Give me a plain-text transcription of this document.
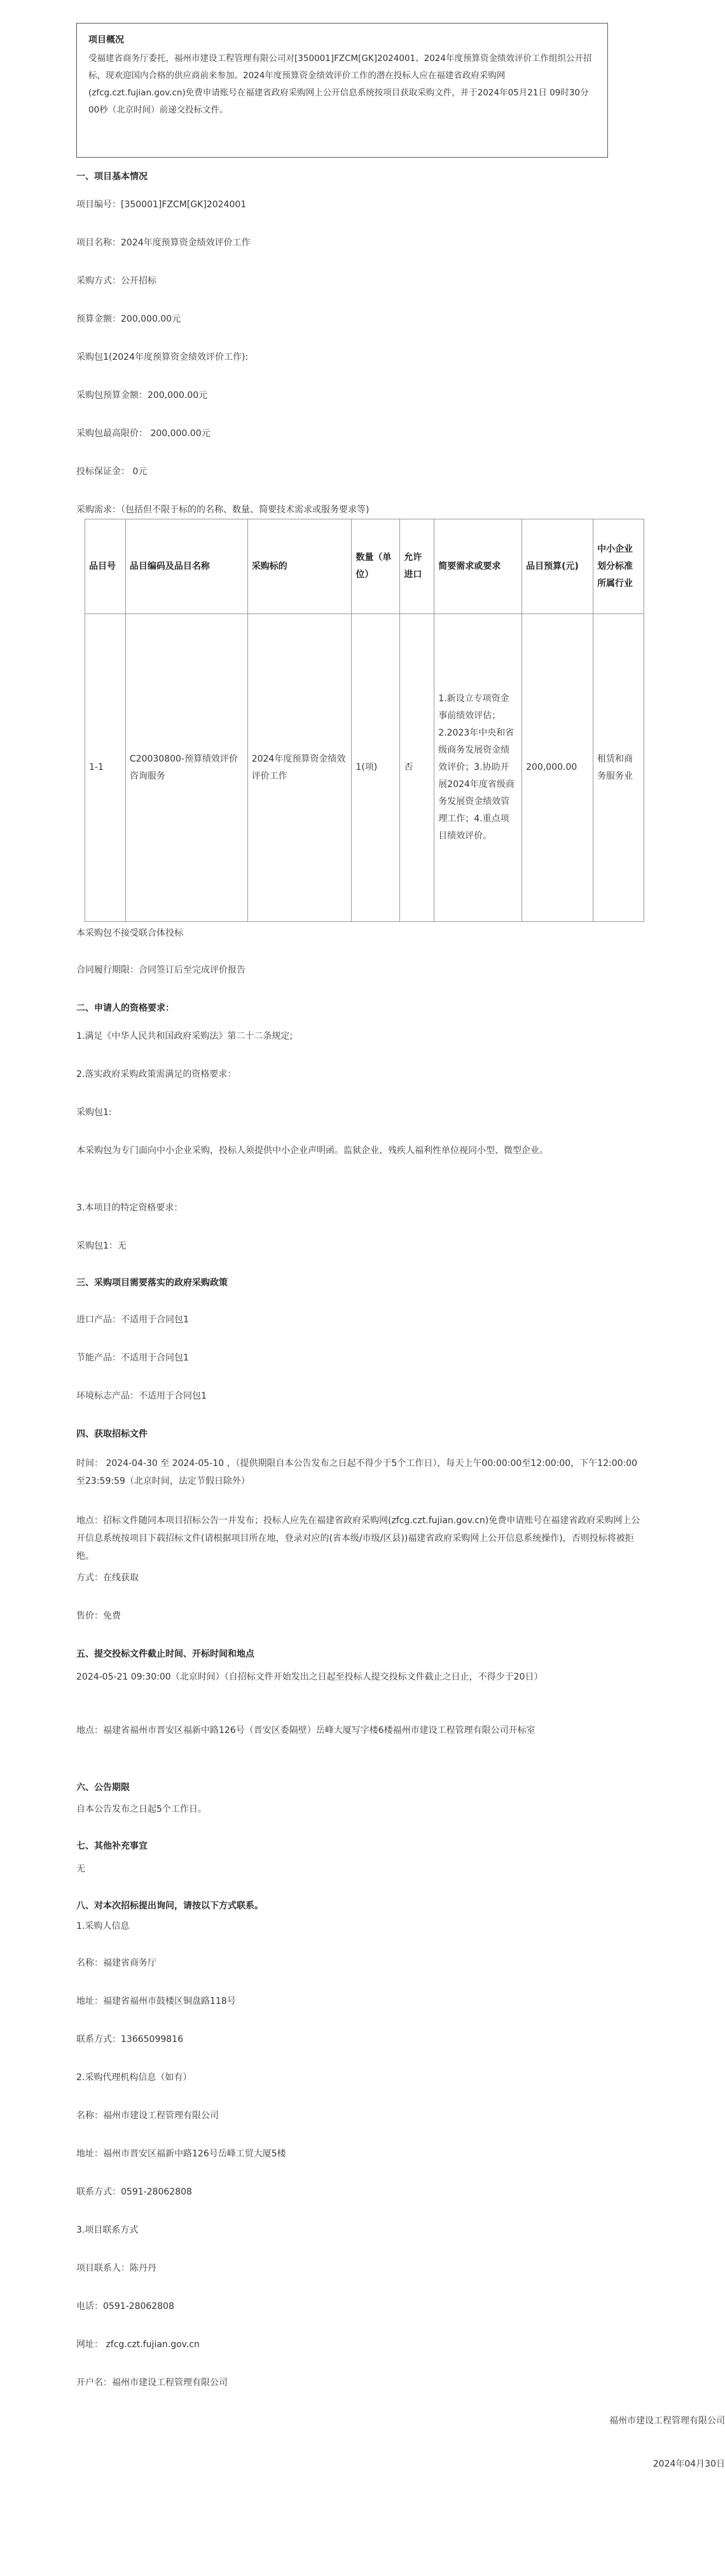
项目概况
受福建省商务厅委托，福州市建设工程管理有限公司对[350001]FZCM[GK]2024001、2024年度预算资金绩效评价工作组织公开招标，现欢迎国内合格的供应商前来参加。2024年度预算资金绩效评价工作的潜在投标人应在福建省政府采购网(zfcg.czt.fujian.gov.cn)免费申请账号在福建省政府采购网上公开信息系统按项目获取采购文件，并于2024年05月21日 09时30分00秒（北京时间）前递交投标文件。
一、项目基本情况
项目编号：[350001]FZCM[GK]2024001
项目名称：2024年度预算资金绩效评价工作
采购方式：公开招标
预算金额：200,000.00元
采购包1(2024年度预算资金绩效评价工作):
采购包预算金额：200,000.00元
采购包最高限价： 200,000.00元
投标保证金： 0元
采购需求：（包括但不限于标的的名称、数量、简要技术需求或服务要求等)
品目号	品目编码及品目名称	采购标的	数量（单位）	允许进口	简要需求或要求	品目预算(元)	中小企业划分标准所属行业
1-1	C20030800-预算绩效评价咨询服务	2024年度预算资金绩效评价工作	1(项)	否	1.新设立专项资金事前绩效评估；2.2023年中央和省级商务发展资金绩效评价；3.协助开展2024年度省级商务发展资金绩效管理工作；4.重点项目绩效评价。	200,000.00	租赁和商务服务业
本采购包不接受联合体投标
合同履行期限：合同签订后至完成评价报告
二、申请人的资格要求：
1.满足《中华人民共和国政府采购法》第二十二条规定;
2.落实政府采购政策需满足的资格要求：
采购包1:
本采购包为专门面向中小企业采购，投标人须提供中小企业声明函。监狱企业、残疾人福利性单位视同小型、微型企业。
3.本项目的特定资格要求：
采购包1：无
三、采购项目需要落实的政府采购政策
进口产品：不适用于合同包1
节能产品：不适用于合同包1
环境标志产品：不适用于合同包1
四、获取招标文件
时间： 2024-04-30 至 2024-05-10 ，（提供期限自本公告发布之日起不得少于5个工作日），每天上午00:00:00至12:00:00，下午12:00:00至23:59:59（北京时间，法定节假日除外）
地点：招标文件随同本项目招标公告一并发布；投标人应先在福建省政府采购网(zfcg.czt.fujian.gov.cn)免费申请账号在福建省政府采购网上公开信息系统按项目下载招标文件(请根据项目所在地，登录对应的(省本级/市级/区县))福建省政府采购网上公开信息系统操作)，否则投标将被拒绝。
方式：在线获取
售价：免费
五、提交投标文件截止时间、开标时间和地点
2024-05-21 09:30:00（北京时间）（自招标文件开始发出之日起至投标人提交投标文件截止之日止，不得少于20日）
地点：福建省福州市晋安区福新中路126号（晋安区委隔壁）岳峰大厦写字楼6楼福州市建设工程管理有限公司开标室
六、公告期限
自本公告发布之日起5个工作日。
七、其他补充事宜
无
八、对本次招标提出询问，请按以下方式联系。
1.采购人信息
名称：福建省商务厅
地址：福建省福州市鼓楼区铜盘路118号
联系方式：13665099816
2.采购代理机构信息（如有）
名称：福州市建设工程管理有限公司
地址：福州市晋安区福新中路126号岳峰工贸大厦5楼
联系方式：0591-28062808
3.项目联系方式
项目联系人：陈丹丹
电话：0591-28062808
网址： zfcg.czt.fujian.gov.cn
开户名：福州市建设工程管理有限公司
福州市建设工程管理有限公司
2024年04月30日
